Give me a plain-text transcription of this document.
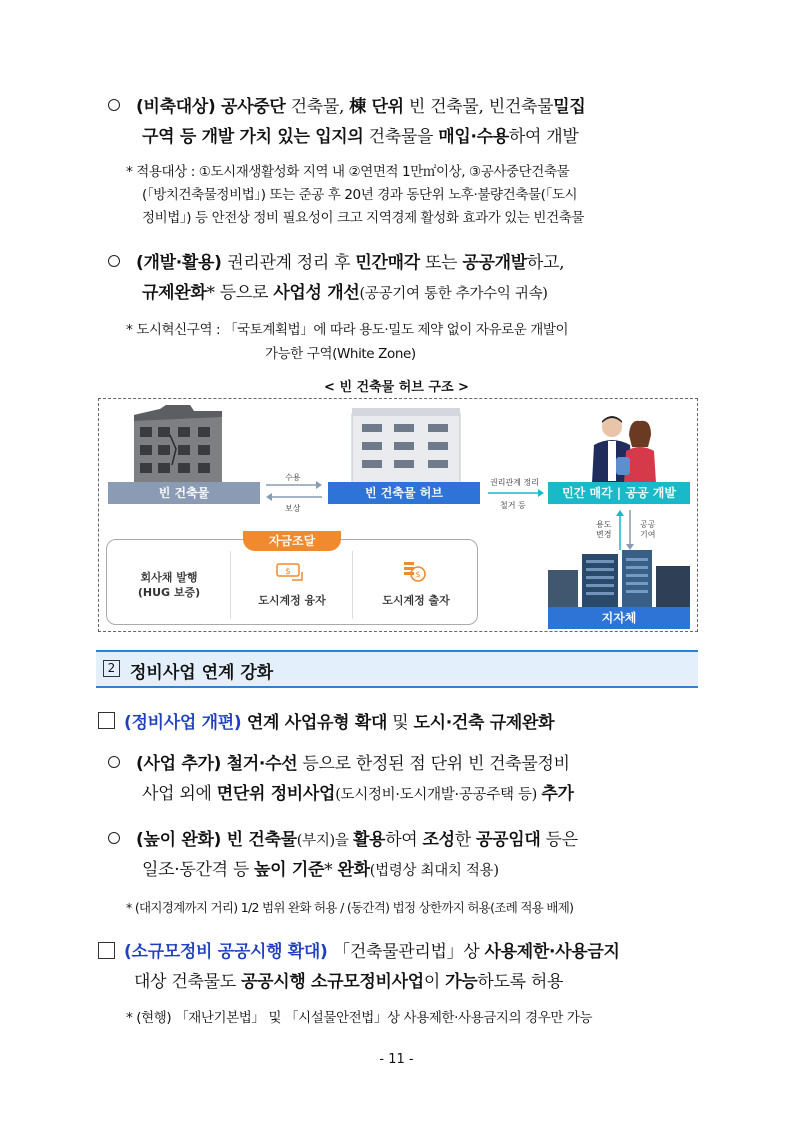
(비축대상) 공사중단 건축물, 棟 단위 빈 건축물, 빈건축물밀집
구역 등 개발 가치 있는 입지의 건축물을 매입·수용하여 개발
* 적용대상 : ①도시재생활성화 지역 내 ②연면적 1만㎡이상, ③공사중단건축물
(「방치건축물정비법」) 또는 준공 후 20년 경과 동단위 노후·불량건축물(「도시
정비법」) 등 안전상 정비 필요성이 크고 지역경제 활성화 효과가 있는 빈건축물
(개발·활용) 권리관계 정리 후 민간매각 또는 공공개발하고,
규제완화* 등으로 사업성 개선(공공기여 통한 추가수익 귀속)
* 도시혁신구역 : 「국토계획법」에 따라 용도·밀도 제약 없이 자유로운 개발이
가능한 구역(White Zone)
< 빈 건축물 허브 구조 >
빈 건축물	빈 건축물 허브	민간 매각 | 공공 개발
수용
보상
권리관계 정리
철거 등
용도
변경
공공
기여
지자체
자금조달
회사채 발행
(HUG 보증)
$
도시계정 융자
$
도시계정 출자
2 정비사업 연계 강화
(정비사업 개편) 연계 사업유형 확대 및 도시·건축 규제완화
(사업 추가) 철거·수선 등으로 한정된 점 단위 빈 건축물정비
사업 외에 면단위 정비사업(도시정비·도시개발·공공주택 등) 추가
(높이 완화) 빈 건축물(부지)을 활용하여 조성한 공공임대 등은
일조·동간격 등 높이 기준* 완화(법령상 최대치 적용)
* (대지경계까지 거리) 1/2 범위 완화 허용 / (동간격) 법정 상한까지 허용(조례 적용 배제)
(소규모정비 공공시행 확대) 「건축물관리법」상 사용제한·사용금지
대상 건축물도 공공시행 소규모정비사업이 가능하도록 허용
* (현행) 「재난기본법」 및 「시설물안전법」상 사용제한·사용금지의 경우만 가능
- 11 -
